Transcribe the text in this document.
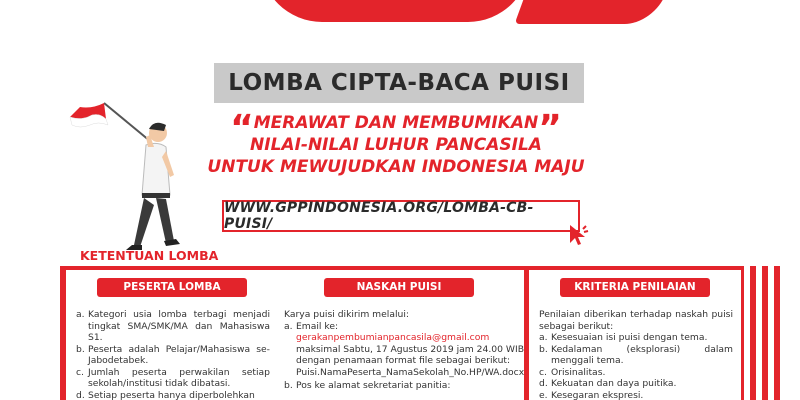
LOMBA CIPTA-BACA PUISI
“MERAWAT DAN MEMBUMIKAN”
NILAI-NILAI LUHUR PANCASILA
UNTUK MEWUJUDKAN INDONESIA MAJU
WWW.GPPINDONESIA.ORG/LOMBA-CB-PUISI/
KETENTUAN LOMBA
PESERTA LOMBA
a. Kategori usia lomba terbagi menjadi tingkat SMA/SMK/MA dan Mahasiswa S1.
b. Peserta adalah Pelajar/Mahasiswa se-Jabodetabek.
c. Jumlah peserta perwakilan setiap sekolah/institusi tidak dibatasi.
d. Setiap peserta hanya diperbolehkan
NASKAH PUISI

Karya puisi dikirim melalui:

a. Email ke:
gerakanpembumianpancasila@gmail.com
maksimal Sabtu, 17 Agustus 2019 jam 24.00 WIB
dengan penamaan format file sebagai berikut:
Puisi.NamaPeserta_NamaSekolah_No.HP/WA.docx
b. Pos ke alamat sekretariat panitia:
KRITERIA PENILAIAN

Penilaian diberikan terhadap naskah puisi sebagai berikut:

a. Kesesuaian isi puisi dengan tema.
b. Kedalaman (eksplorasi) dalam menggali tema.
c. Orisinalitas.
d. Kekuatan dan daya puitika.
e. Kesegaran ekspresi.
